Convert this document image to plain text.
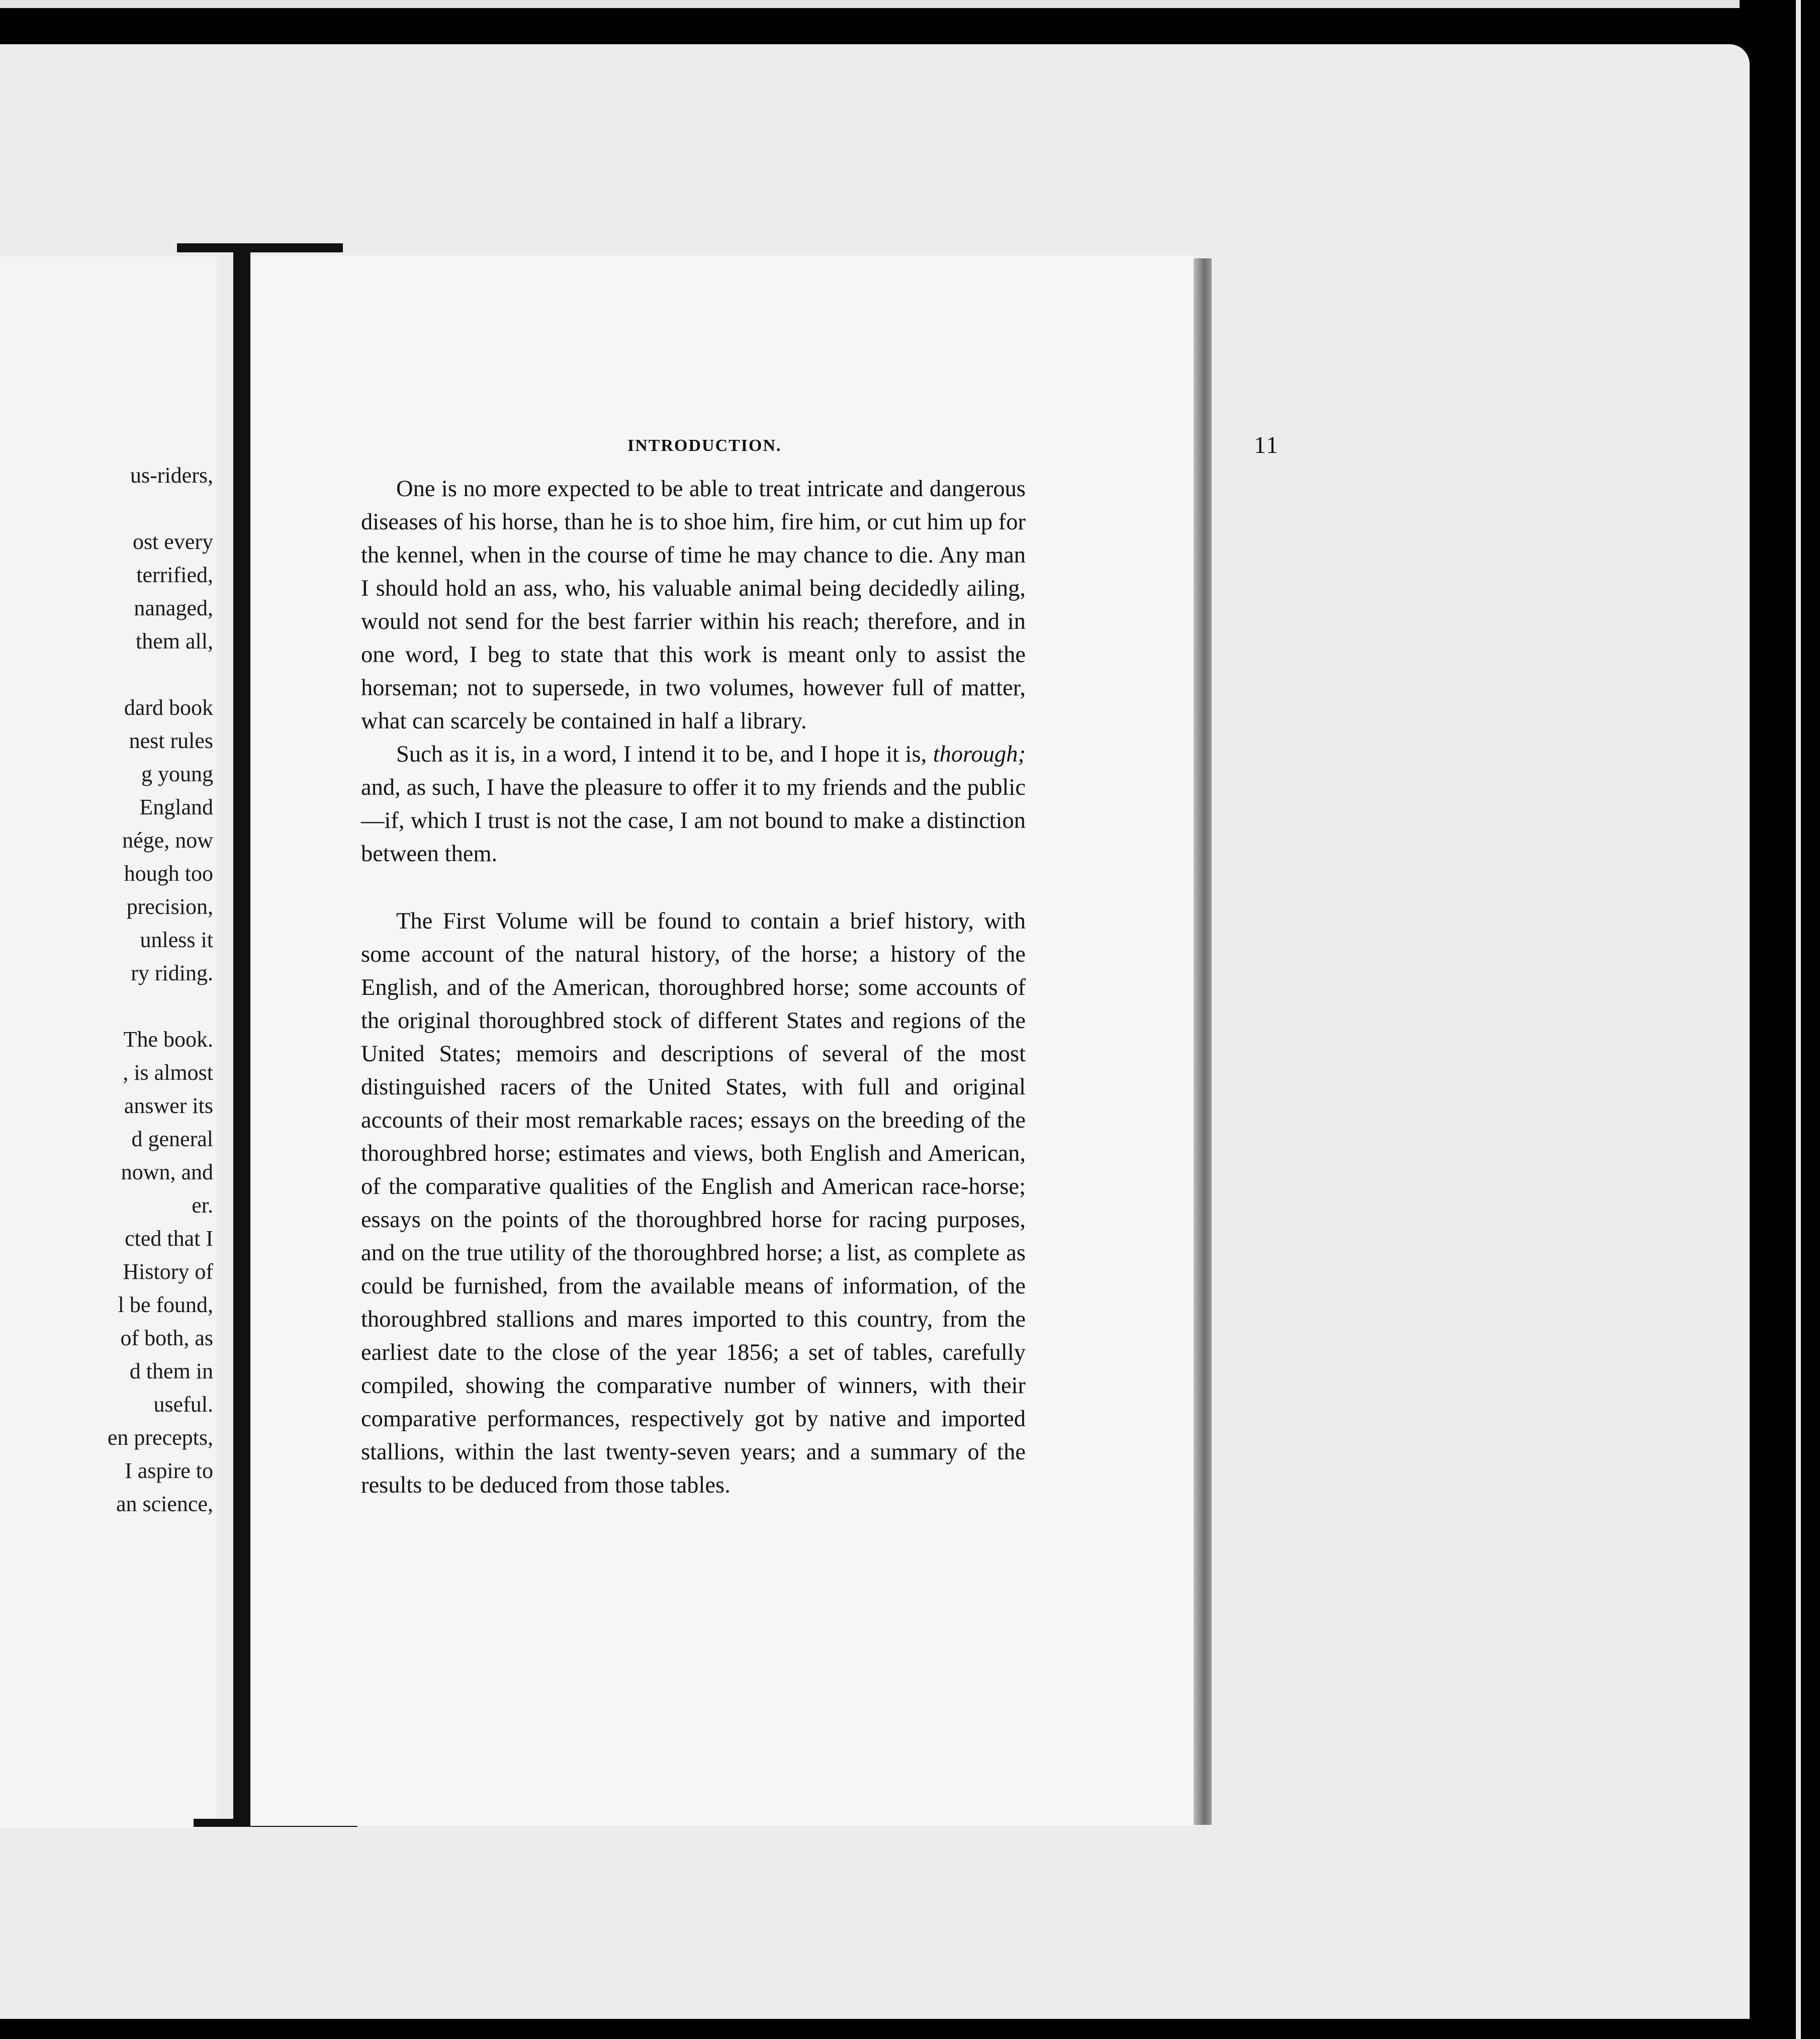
us-riders,
ost every
terrified,
nanaged,
them all,
dard book
nest rules
g young
England
nége, now
hough too
precision,
unless it
ry riding.
The book.
, is almost
answer its
d general
nown, and
er.
cted that I
History of
l be found,
of both, as
d them in
useful.
en precepts,
I aspire to
an science,
INTRODUCTION.	11

One is no more expected to be able to treat intricate and dangerous diseases of his horse, than he is to shoe him, fire him, or cut him up for the kennel, when in the course of time he may chance to die. Any man I should hold an ass, who, his valuable animal being decidedly ailing, would not send for the best farrier within his reach; therefore, and in one word, I beg to state that this work is meant only to assist the horseman; not to supersede, in two volumes, however full of matter, what can scarcely be contained in half a library.

Such as it is, in a word, I intend it to be, and I hope it is, thorough; and, as such, I have the pleasure to offer it to my friends and the public—if, which I trust is not the case, I am not bound to make a distinction between them.

The First Volume will be found to contain a brief history, with some account of the natural history, of the horse; a history of the English, and of the American, thoroughbred horse; some accounts of the original thoroughbred stock of different States and regions of the United States; memoirs and descriptions of several of the most distinguished racers of the United States, with full and original accounts of their most remarkable races; essays on the breeding of the thoroughbred horse; estimates and views, both English and American, of the comparative qualities of the English and American race-horse; essays on the points of the thoroughbred horse for racing purposes, and on the true utility of the thoroughbred horse; a list, as complete as could be furnished, from the available means of information, of the thoroughbred stallions and mares imported to this country, from the earliest date to the close of the year 1856; a set of tables, carefully compiled, showing the comparative number of winners, with their comparative performances, respectively got by native and imported stallions, within the last twenty-seven years; and a summary of the results to be deduced from those tables.
